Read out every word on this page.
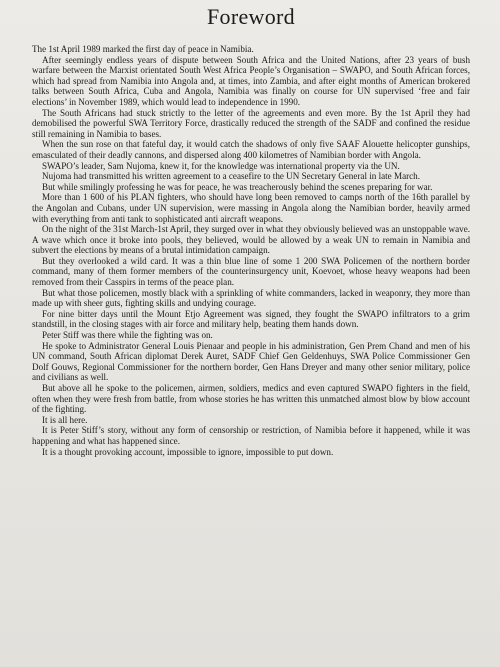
Foreword

The 1st April 1989 marked the first day of peace in Namibia.

After seemingly endless years of dispute between South Africa and the United Nations, after 23 years of bush warfare between the Marxist orientated South West Africa People’s Organisation – SWAPO, and South African forces, which had spread from Namibia into Angola and, at times, into Zambia, and after eight months of American brokered talks between South Africa, Cuba and Angola, Namibia was finally on course for UN supervised ‘free and fair elections’ in November 1989, which would lead to independence in 1990.

The South Africans had stuck strictly to the letter of the agreements and even more. By the 1st April they had demobilised the powerful SWA Territory Force, drastically reduced the strength of the SADF and confined the residue still remaining in Namibia to bases.

When the sun rose on that fateful day, it would catch the shadows of only five SAAF Alouette helicopter gunships, emasculated of their deadly cannons, and dispersed along 400 kilometres of Namibian border with Angola.

SWAPO’s leader, Sam Nujoma, knew it, for the knowledge was international property via the UN.

Nujoma had transmitted his written agreement to a ceasefire to the UN Secretary General in late March.

But while smilingly professing he was for peace, he was treacherously behind the scenes preparing for war.

More than 1 600 of his PLAN fighters, who should have long been removed to camps north of the 16th parallel by the Angolan and Cubans, under UN supervision, were massing in Angola along the Namibian border, heavily armed with everything from anti tank to sophisticated anti aircraft weapons.

On the night of the 31st March-1st April, they surged over in what they obviously believed was an unstoppable wave. A wave which once it broke into pools, they believed, would be allowed by a weak UN to remain in Namibia and subvert the elections by means of a brutal intimidation campaign.

But they overlooked a wild card. It was a thin blue line of some 1 200 SWA Policemen of the northern border command, many of them former members of the counterinsurgency unit, Koevoet, whose heavy weapons had been removed from their Casspirs in terms of the peace plan.

But what those policemen, mostly black with a sprinkling of white commanders, lacked in weaponry, they more than made up with sheer guts, fighting skills and undying courage.

For nine bitter days until the Mount Etjo Agreement was signed, they fought the SWAPO infiltrators to a grim standstill, in the closing stages with air force and military help, beating them hands down.

Peter Stiff was there while the fighting was on.

He spoke to Administrator General Louis Pienaar and people in his administration, Gen Prem Chand and men of his UN command, South African diplomat Derek Auret, SADF Chief Gen Geldenhuys, SWA Police Commissioner Gen Dolf Gouws, Regional Commissioner for the northern border, Gen Hans Dreyer and many other senior military, police and civilians as well.

But above all he spoke to the policemen, airmen, soldiers, medics and even captured SWAPO fighters in the field, often when they were fresh from battle, from whose stories he has written this unmatched almost blow by blow account of the fighting.

It is all here.

It is Peter Stiff’s story, without any form of censorship or restriction, of Namibia before it happened, while it was happening and what has happened since.

It is a thought provoking account, impossible to ignore, impossible to put down.
